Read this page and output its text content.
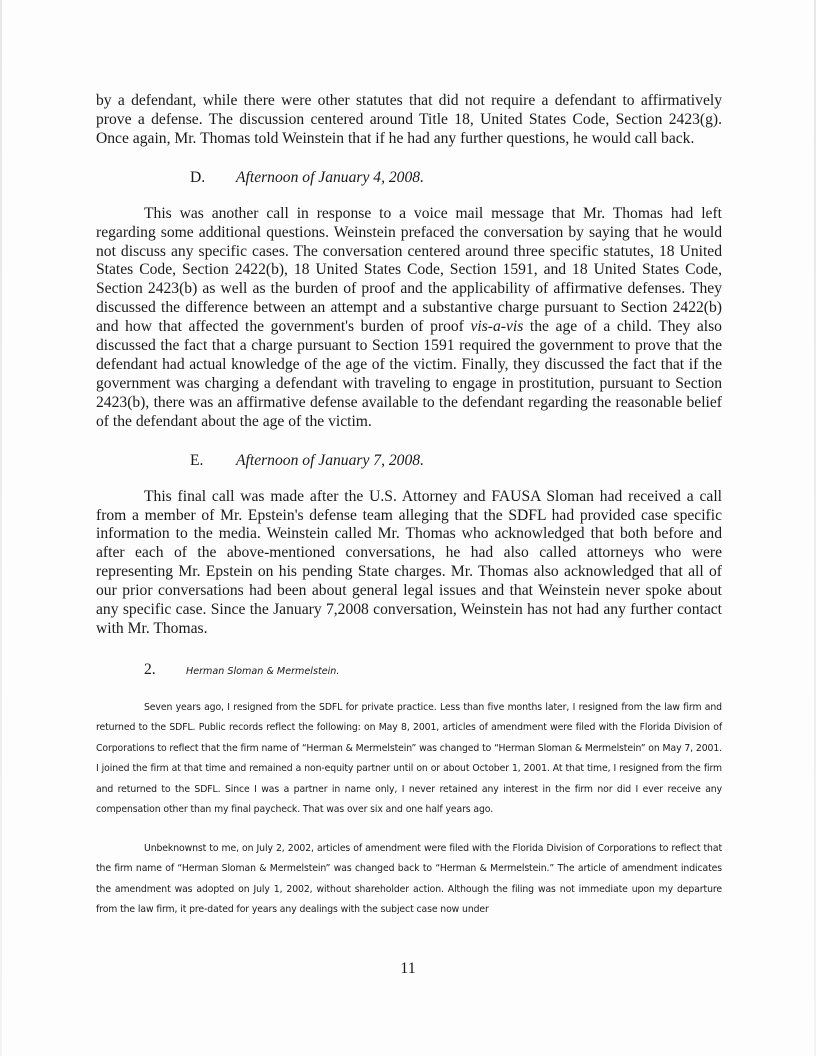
by a defendant, while there were other statutes that did not require a defendant to affirmatively prove a defense. The discussion centered around Title 18, United States Code, Section 2423(g). Once again, Mr. Thomas told Weinstein that if he had any further questions, he would call back.

D. Afternoon of January 4, 2008.

This was another call in response to a voice mail message that Mr. Thomas had left regarding some additional questions. Weinstein prefaced the conversation by saying that he would not discuss any specific cases. The conversation centered around three specific statutes, 18 United States Code, Section 2422(b), 18 United States Code, Section 1591, and 18 United States Code, Section 2423(b) as well as the burden of proof and the applicability of affirmative defenses. They discussed the difference between an attempt and a substantive charge pursuant to Section 2422(b) and how that affected the government's burden of proof vis-a-vis the age of a child. They also discussed the fact that a charge pursuant to Section 1591 required the government to prove that the defendant had actual knowledge of the age of the victim. Finally, they discussed the fact that if the government was charging a defendant with traveling to engage in prostitution, pursuant to Section 2423(b), there was an affirmative defense available to the defendant regarding the reasonable belief of the defendant about the age of the victim.

E. Afternoon of January 7, 2008.

This final call was made after the U.S. Attorney and FAUSA Sloman had received a call from a member of Mr. Epstein's defense team alleging that the SDFL had provided case specific information to the media. Weinstein called Mr. Thomas who acknowledged that both before and after each of the above-mentioned conversations, he had also called attorneys who were representing Mr. Epstein on his pending State charges. Mr. Thomas also acknowledged that all of our prior conversations had been about general legal issues and that Weinstein never spoke about any specific case. Since the January 7,2008 conversation, Weinstein has not had any further contact with Mr. Thomas.

2.	Herman Sloman & Mermelstein.

Seven years ago, I resigned from the SDFL for private practice. Less than five months later, I resigned from the law firm and returned to the SDFL. Public records reflect the following: on May 8, 2001, articles of amendment were filed with the Florida Division of Corporations to reflect that the firm name of “Herman & Mermelstein” was changed to “Herman Sloman & Mermelstein” on May 7, 2001. I joined the firm at that time and remained a non-equity partner until on or about October 1, 2001. At that time, I resigned from the firm and returned to the SDFL. Since I was a partner in name only, I never retained any interest in the firm nor did I ever receive any compensation other than my final paycheck. That was over six and one half years ago.

Unbeknownst to me, on July 2, 2002, articles of amendment were filed with the Florida Division of Corporations to reflect that the firm name of “Herman Sloman & Mermelstein” was changed back to “Herman & Mermelstein.” The article of amendment indicates the amendment was adopted on July 1, 2002, without shareholder action. Although the filing was not immediate upon my departure from the law firm, it pre-dated for years any dealings with the subject case now under

11
